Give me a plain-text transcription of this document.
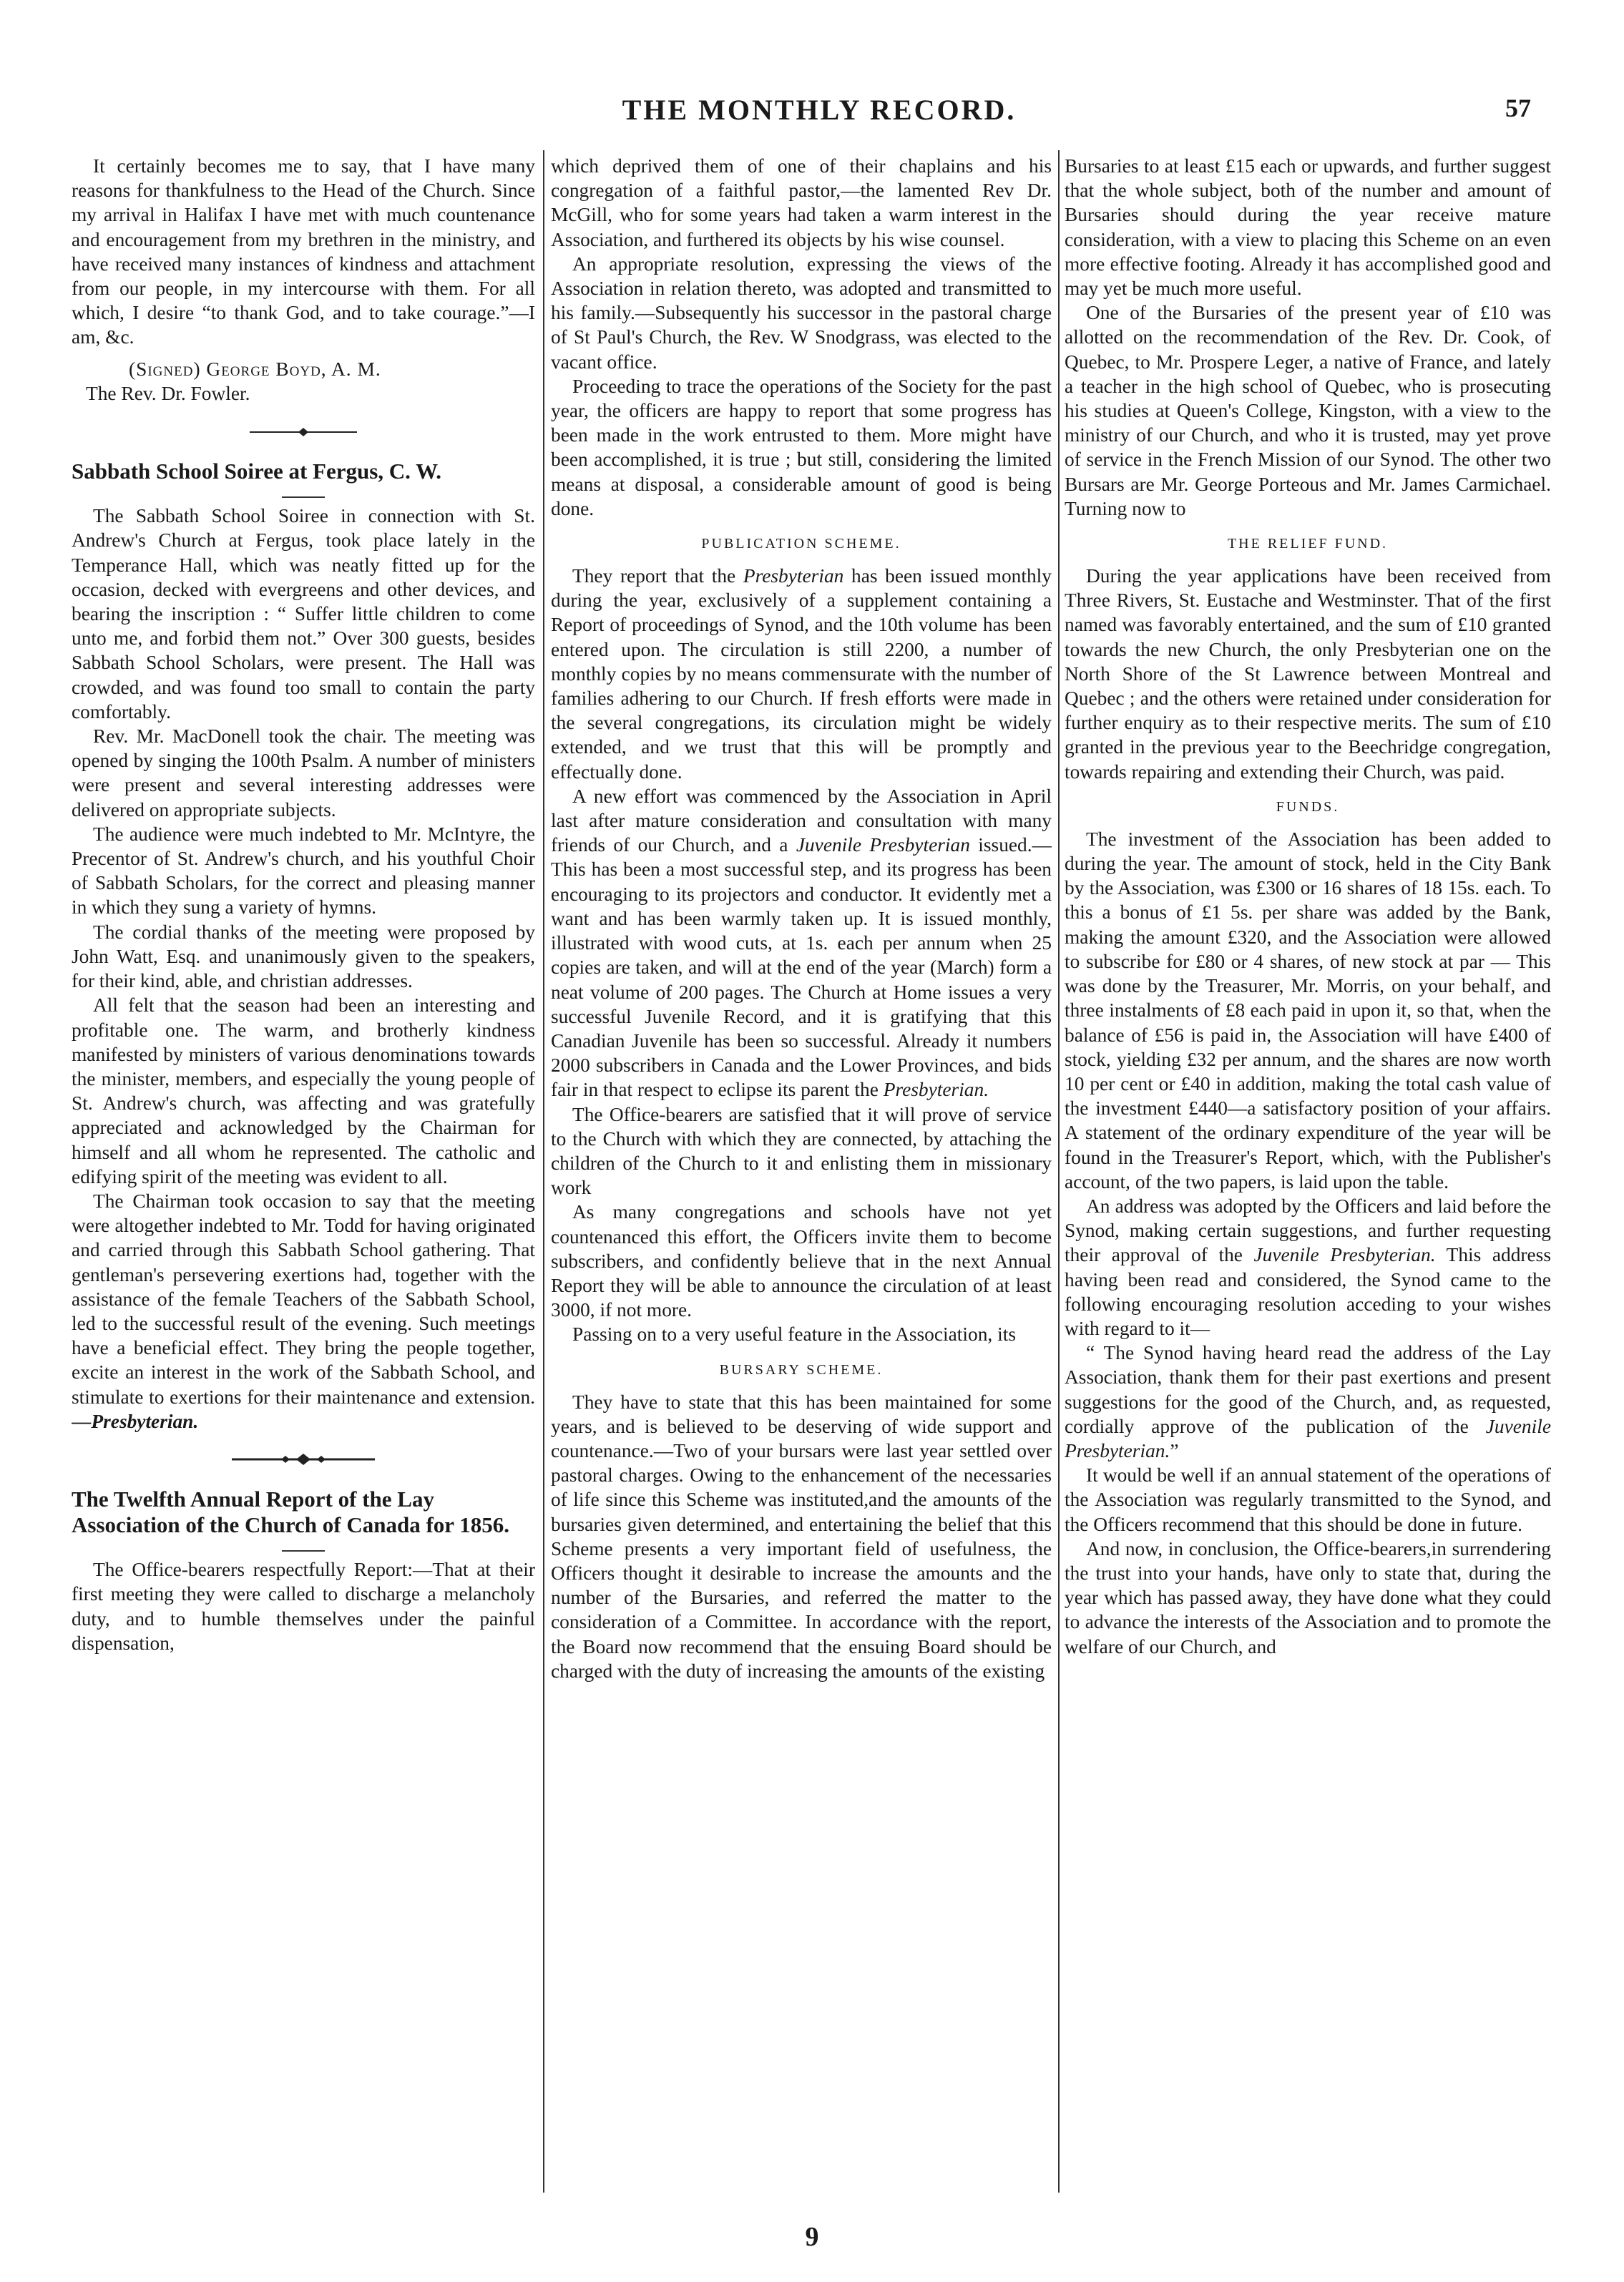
THE MONTHLY RECORD.	57

It certainly becomes me to say, that I have many reasons for thankfulness to the Head of the Church. Since my arrival in Halifax I have met with much countenance and encouragement from my brethren in the ministry, and have received many instances of kindness and attachment from our people, in my intercourse with them. For all which, I desire “to thank God, and to take courage.”—I am, &c.

(Signed) George Boyd, A. M.
The Rev. Dr. Fowler.
Sabbath School Soiree at Fergus, C. W.

The Sabbath School Soiree in connection with St. Andrew's Church at Fergus, took place lately in the Temperance Hall, which was neatly fitted up for the occasion, decked with evergreens and other devices, and bearing the inscription : “ Suffer little children to come unto me, and forbid them not.” Over 300 guests, besides Sabbath School Scholars, were present. The Hall was crowded, and was found too small to contain the party comfortably.

Rev. Mr. MacDonell took the chair. The meeting was opened by singing the 100th Psalm. A number of ministers were present and several interesting addresses were delivered on appropriate subjects.

The audience were much indebted to Mr. McIntyre, the Precentor of St. Andrew's church, and his youthful Choir of Sabbath Scholars, for the correct and pleasing manner in which they sung a variety of hymns.

The cordial thanks of the meeting were proposed by John Watt, Esq. and unanimously given to the speakers, for their kind, able, and christian addresses.

All felt that the season had been an interesting and profitable one. The warm, and brotherly kindness manifested by ministers of various denominations towards the minister, members, and especially the young people of St. Andrew's church, was affecting and was gratefully appreciated and acknowledged by the Chairman for himself and all whom he represented. The catholic and edifying spirit of the meeting was evident to all.

The Chairman took occasion to say that the meeting were altogether indebted to Mr. Todd for having originated and carried through this Sabbath School gathering. That gentleman's persevering exertions had, together with the assistance of the female Teachers of the Sabbath School, led to the successful result of the evening. Such meetings have a beneficial effect. They bring the people together, excite an interest in the work of the Sabbath School, and stimulate to exertions for their maintenance and extension.—Presbyterian.

The Twelfth Annual Report of the Lay Association of the Church of Canada for 1856.

The Office-bearers respectfully Report:—That at their first meeting they were called to discharge a melancholy duty, and to humble themselves under the painful dispensation,

which deprived them of one of their chaplains and his congregation of a faithful pastor,—the lamented Rev Dr. McGill, who for some years had taken a warm interest in the Association, and furthered its objects by his wise counsel.

An appropriate resolution, expressing the views of the Association in relation thereto, was adopted and transmitted to his family.—Subsequently his successor in the pastoral charge of St Paul's Church, the Rev. W Snodgrass, was elected to the vacant office.

Proceeding to trace the operations of the Society for the past year, the officers are happy to report that some progress has been made in the work entrusted to them. More might have been accomplished, it is true ; but still, considering the limited means at disposal, a considerable amount of good is being done.

PUBLICATION SCHEME.

They report that the Presbyterian has been issued monthly during the year, exclusively of a supplement containing a Report of proceedings of Synod, and the 10th volume has been entered upon. The circulation is still 2200, a number of monthly copies by no means commensurate with the number of families adhering to our Church. If fresh efforts were made in the several congregations, its circulation might be widely extended, and we trust that this will be promptly and effectually done.

A new effort was commenced by the Association in April last after mature consideration and consultation with many friends of our Church, and a Juvenile Presbyterian issued.—This has been a most successful step, and its progress has been encouraging to its projectors and conductor. It evidently met a want and has been warmly taken up. It is issued monthly, illustrated with wood cuts, at 1s. each per annum when 25 copies are taken, and will at the end of the year (March) form a neat volume of 200 pages. The Church at Home issues a very successful Juvenile Record, and it is gratifying that this Canadian Juvenile has been so successful. Already it numbers 2000 subscribers in Canada and the Lower Provinces, and bids fair in that respect to eclipse its parent the Presbyterian.

The Office-bearers are satisfied that it will prove of service to the Church with which they are connected, by attaching the children of the Church to it and enlisting them in missionary work

As many congregations and schools have not yet countenanced this effort, the Officers invite them to become subscribers, and confidently believe that in the next Annual Report they will be able to announce the circulation of at least 3000, if not more.

Passing on to a very useful feature in the Association, its

BURSARY SCHEME.

They have to state that this has been maintained for some years, and is believed to be deserving of wide support and countenance.—Two of your bursars were last year settled over pastoral charges. Owing to the enhancement of the necessaries of life since this Scheme was instituted,and the amounts of the bursaries given determined, and entertaining the belief that this Scheme presents a very important field of usefulness, the Officers thought it desirable to increase the amounts and the number of the Bursaries, and referred the matter to the consideration of a Committee. In accordance with the report, the Board now recommend that the ensuing Board should be charged with the duty of increasing the amounts of the existing

Bursaries to at least £15 each or upwards, and further suggest that the whole subject, both of the number and amount of Bursaries should during the year receive mature consideration, with a view to placing this Scheme on an even more effective footing. Already it has accomplished good and may yet be much more useful.

One of the Bursaries of the present year of £10 was allotted on the recommendation of the Rev. Dr. Cook, of Quebec, to Mr. Prospere Leger, a native of France, and lately a teacher in the high school of Quebec, who is prosecuting his studies at Queen's College, Kingston, with a view to the ministry of our Church, and who it is trusted, may yet prove of service in the French Mission of our Synod. The other two Bursars are Mr. George Porteous and Mr. James Carmichael. Turning now to

THE RELIEF FUND.

During the year applications have been received from Three Rivers, St. Eustache and Westminster. That of the first named was favorably entertained, and the sum of £10 granted towards the new Church, the only Presbyterian one on the North Shore of the St Lawrence between Montreal and Quebec ; and the others were retained under consideration for further enquiry as to their respective merits. The sum of £10 granted in the previous year to the Beechridge congregation, towards repairing and extending their Church, was paid.

FUNDS.

The investment of the Association has been added to during the year. The amount of stock, held in the City Bank by the Association, was £300 or 16 shares of 18 15s. each. To this a bonus of £1 5s. per share was added by the Bank, making the amount £320, and the Association were allowed to subscribe for £80 or 4 shares, of new stock at par — This was done by the Treasurer, Mr. Morris, on your behalf, and three instalments of £8 each paid in upon it, so that, when the balance of £56 is paid in, the Association will have £400 of stock, yielding £32 per annum, and the shares are now worth 10 per cent or £40 in addition, making the total cash value of the investment £440—a satisfactory position of your affairs. A statement of the ordinary expenditure of the year will be found in the Treasurer's Report, which, with the Publisher's account, of the two papers, is laid upon the table.

An address was adopted by the Officers and laid before the Synod, making certain suggestions, and further requesting their approval of the Juvenile Presbyterian. This address having been read and considered, the Synod came to the following encouraging resolution acceding to your wishes with regard to it—

“ The Synod having heard read the address of the Lay Association, thank them for their past exertions and present suggestions for the good of the Church, and, as requested, cordially approve of the publication of the Juvenile Presbyterian.”

It would be well if an annual statement of the operations of the Association was regularly transmitted to the Synod, and the Officers recommend that this should be done in future.

And now, in conclusion, the Office-bearers,in surrendering the trust into your hands, have only to state that, during the year which has passed away, they have done what they could to advance the interests of the Association and to promote the welfare of our Church, and

9
